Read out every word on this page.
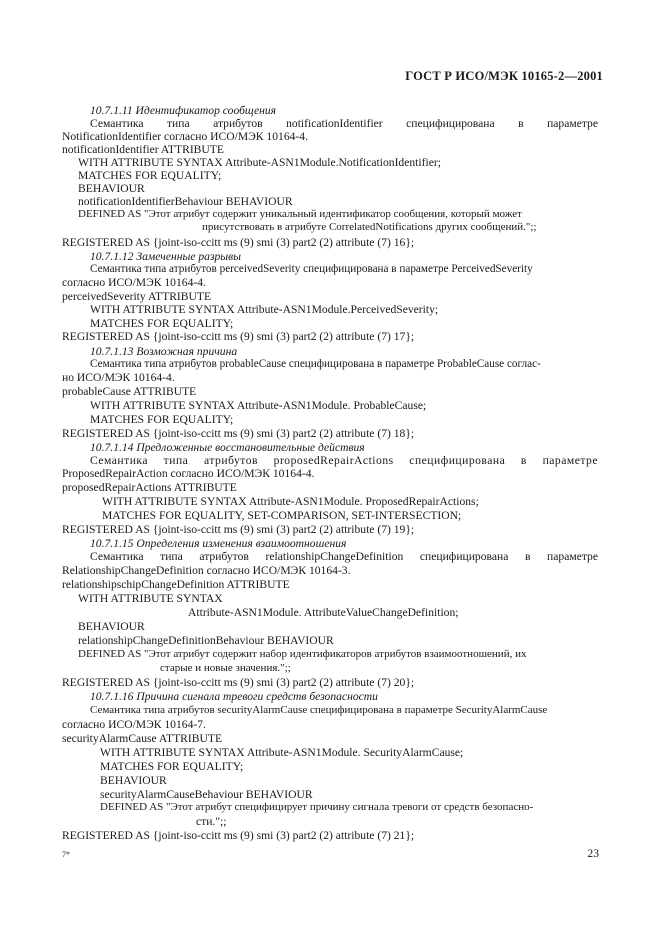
ГОСТ Р ИСО/МЭК 10165-2—2001
10.7.1.11 Идентификатор сообщения
Семантика типа атрибутов notificationIdentifier специфицирована в параметре
NotificationIdentifier согласно ИСО/МЭК 10164-4.
notificationIdentifier ATTRIBUTE
WITH ATTRIBUTE SYNTAX Attribute-ASN1Module.NotificationIdentifier;
MATCHES FOR EQUALITY;
BEHAVIOUR
notificationIdentifierBehaviour BEHAVIOUR
DEFINED AS "Этот атрибут содержит уникальный идентификатор сообщения, который может
присутствовать в атрибуте CorrelatedNotifications других сообщений.";;
REGISTERED AS {joint-iso-ccitt ms (9) smi (3) part2 (2) attribute (7) 16};
10.7.1.12 Замеченные разрывы
Семантика типа атрибутов perceivedSeverity специфицирована в параметре PerceivedSeverity
согласно ИСО/МЭК 10164-4.
perceivedSeverity ATTRIBUTE
WITH ATTRIBUTE SYNTAX Attribute-ASN1Module.PerceivedSeverity;
MATCHES FOR EQUALITY;
REGISTERED AS {joint-iso-ccitt ms (9) smi (3) part2 (2) attribute (7) 17};
10.7.1.13 Возможная причина
Семантика типа атрибутов probableCause специфицирована в параметре ProbableCause соглас-
но ИСО/МЭК 10164-4.
probableCause ATTRIBUTE
WITH ATTRIBUTE SYNTAX Attribute-ASN1Module. ProbableCause;
MATCHES FOR EQUALITY;
REGISTERED AS {joint-iso-ccitt ms (9) smi (3) part2 (2) attribute (7) 18};
10.7.1.14 Предложенные восстановительные действия
Семантика типа атрибутов proposedRepairActions специфицирована в параметре
ProposedRepairAction согласно ИСО/МЭК 10164-4.
proposedRepairActions ATTRIBUTE
WITH ATTRIBUTE SYNTAX Attribute-ASN1Module. ProposedRepairActions;
MATCHES FOR EQUALITY, SET-COMPARISON, SET-INTERSECTION;
REGISTERED AS {joint-iso-ccitt ms (9) smi (3) part2 (2) attribute (7) 19};
10.7.1.15 Определения изменения взаимоотношения
Семантика типа атрибутов relationshipChangeDefinition специфицирована в параметре
RelationshipChangeDefinition согласно ИСО/МЭК 10164-3.
relationshipschipChangeDefinition ATTRIBUTE
WITH ATTRIBUTE SYNTAX
Attribute-ASN1Module. AttributeValueChangeDefinition;
BEHAVIOUR
relationshipChangeDefinitionBehaviour BEHAVIOUR
DEFINED AS "Этот атрибут содержит набор идентификаторов атрибутов взаимоотношений, их
старые и новые значения.";;
REGISTERED AS {joint-iso-ccitt ms (9) smi (3) part2 (2) attribute (7) 20};
10.7.1.16 Причина сигнала тревоги средств безопасности
Семантика типа атрибутов securityAlarmCause специфицирована в параметре SecurityAlarmCause
согласно ИСО/МЭК 10164-7.
securityAlarmCause ATTRIBUTE
WITH ATTRIBUTE SYNTAX Attribute-ASN1Module. SecurityAlarmCause;
MATCHES FOR EQUALITY;
BEHAVIOUR
securityAlarmCauseBehaviour BEHAVIOUR
DEFINED AS "Этот атрибут специфицирует причину сигнала тревоги от средств безопасно-
сти.";;
REGISTERED AS {joint-iso-ccitt ms (9) smi (3) part2 (2) attribute (7) 21};
7*	23
